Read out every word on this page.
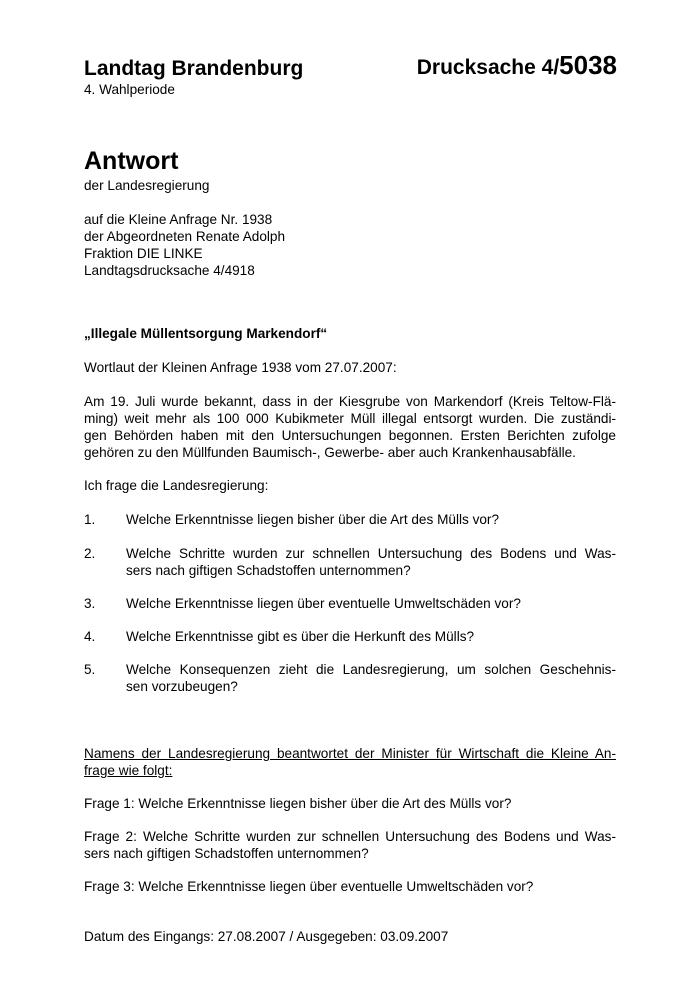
Landtag Brandenburg
4. Wahlperiode
Drucksache 4/5038
Antwort
der Landesregierung

auf die Kleine Anfrage Nr. 1938

der Abgeordneten Renate Adolph

Fraktion DIE LINKE

Landtagsdrucksache 4/4918

„Illegale Müllentsorgung Markendorf“
Wortlaut der Kleinen Anfrage 1938 vom 27.07.2007:

Am 19. Juli wurde bekannt, dass in der Kiesgrube von Markendorf (Kreis Teltow-Flä-

ming) weit mehr als 100 000 Kubikmeter Müll illegal entsorgt wurden. Die zuständi-

gen Behörden haben mit den Untersuchungen begonnen. Ersten Berichten zufolge

gehören zu den Müllfunden Baumisch-, Gewerbe- aber auch Krankenhausabfälle.

Ich frage die Landesregierung:
1. Welche Erkenntnisse liegen bisher über die Art des Mülls vor?
2. Welche Schritte wurden zur schnellen Untersuchung des Bodens und Was-
sers nach giftigen Schadstoffen unternommen?
3. Welche Erkenntnisse liegen über eventuelle Umweltschäden vor?
4. Welche Erkenntnisse gibt es über die Herkunft des Mülls?
5. Welche Konsequenzen zieht die Landesregierung, um solchen Geschehnis-
sen vorzubeugen?

Namens der Landesregierung beantwortet der Minister für Wirtschaft die Kleine An-

frage wie folgt:

Frage 1: Welche Erkenntnisse liegen bisher über die Art des Mülls vor?

Frage 2: Welche Schritte wurden zur schnellen Untersuchung des Bodens und Was-

sers nach giftigen Schadstoffen unternommen?

Frage 3: Welche Erkenntnisse liegen über eventuelle Umweltschäden vor?

Datum des Eingangs: 27.08.2007 / Ausgegeben: 03.09.2007
